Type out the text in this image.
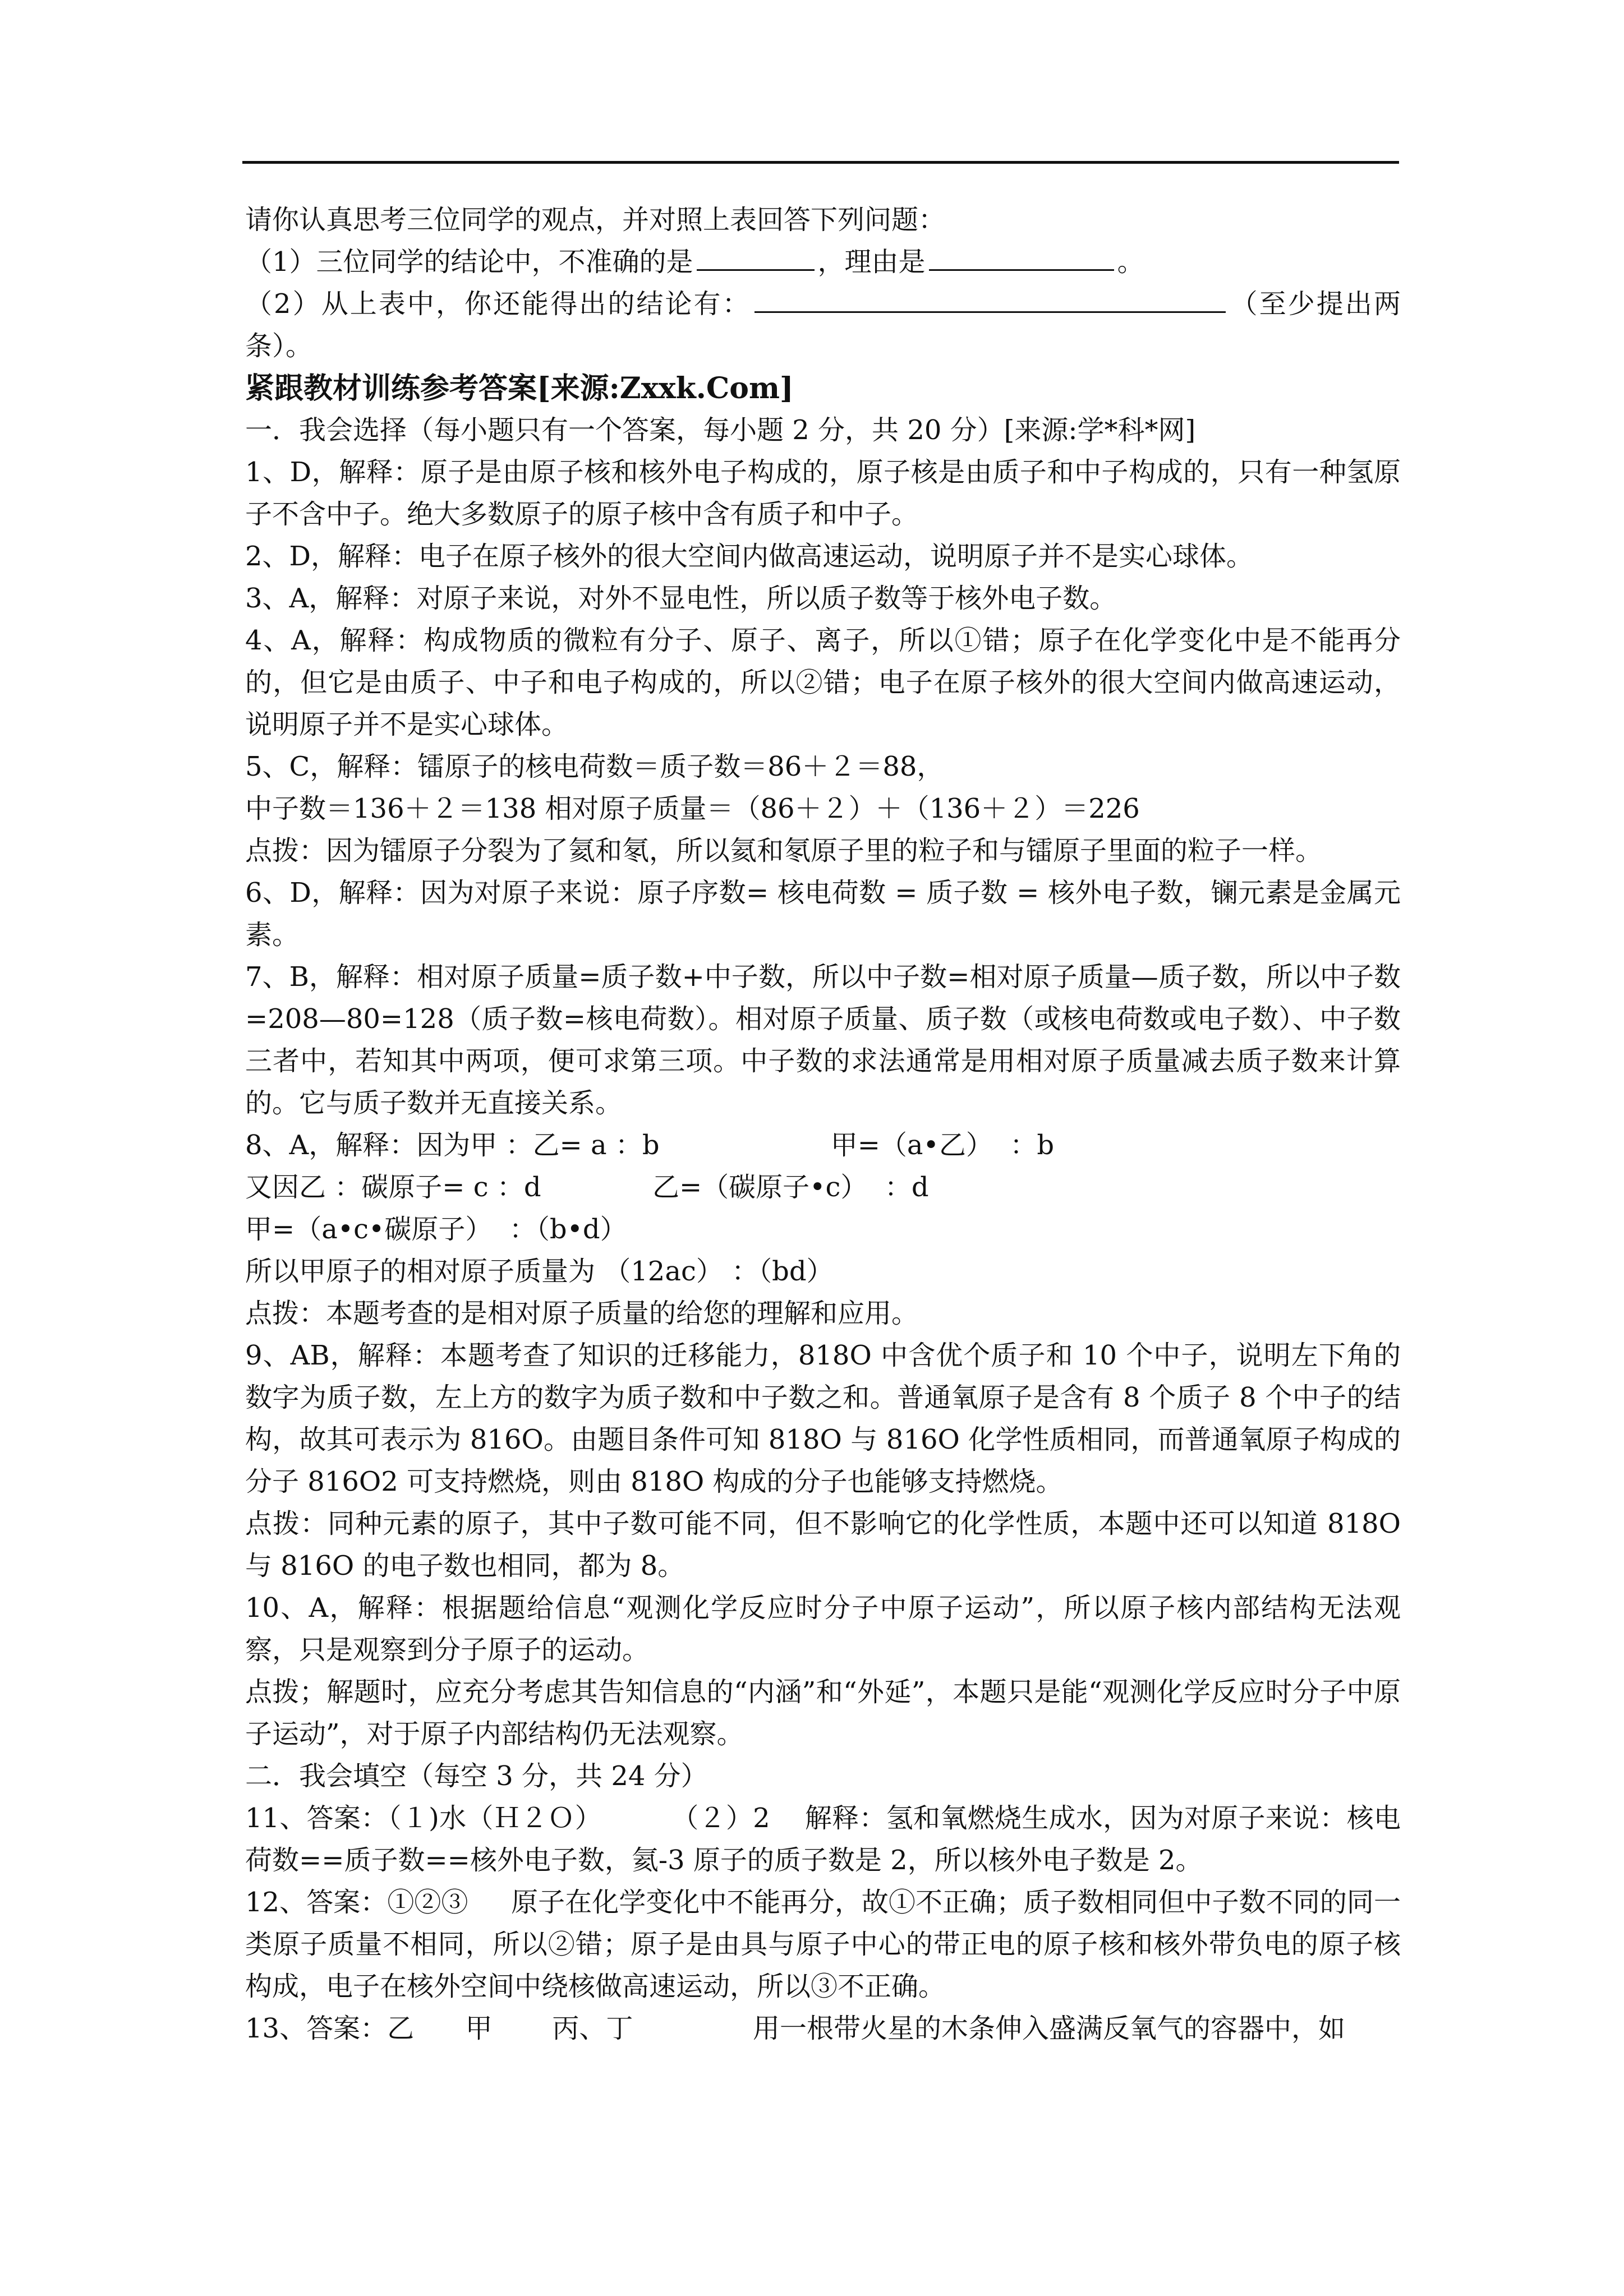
请你认真思考三位同学的观点，并对照上表回答下列问题：

（1）三位同学的结论中，不准确的是	，理由是	。

（2）从上表中，你还能得出的结论有：	（至少提出两条）。

紧跟教材训练参考答案[来源:Zxxk.Com]

一．我会选择（每小题只有一个答案，每小题 2 分，共 20 分）[来源:学*科*网]

1、D，解释：原子是由原子核和核外电子构成的，原子核是由质子和中子构成的，只有一种氢原子不含中子。绝大多数原子的原子核中含有质子和中子。

2、D，解释：电子在原子核外的很大空间内做高速运动，说明原子并不是实心球体。

3、A，解释：对原子来说，对外不显电性，所以质子数等于核外电子数。

4、A，解释：构成物质的微粒有分子、原子、离子，所以①错；原子在化学变化中是不能再分的，但它是由质子、中子和电子构成的，所以②错；电子在原子核外的很大空间内做高速运动，说明原子并不是实心球体。

5、C，解释：镭原子的核电荷数＝质子数＝86＋２＝88，

中子数＝136＋２＝138 相对原子质量＝（86＋２）＋（136＋２）＝226

点拨：因为镭原子分裂为了氦和氡，所以氦和氡原子里的粒子和与镭原子里面的粒子一样。

6、D，解释：因为对原子来说：原子序数= 核电荷数 = 质子数 = 核外电子数，镧元素是金属元素。

7、B，解释：相对原子质量=质子数+中子数，所以中子数=相对原子质量—质子数，所以中子数=208—80=128（质子数=核电荷数）。相对原子质量、质子数（或核电荷数或电子数）、中子数三者中，若知其中两项，便可求第三项。中子数的求法通常是用相对原子质量减去质子数来计算的。它与质子数并无直接关系。

8、A，解释：因为甲 ：乙= a ：b                    甲=（a•乙）  ：b

又因乙 ：碳原子= c ：d             乙=（碳原子•c）  ：d

甲=（a•c•碳原子）  ：（b•d）

所以甲原子的相对原子质量为 （12ac） ：（bd）

点拨：本题考查的是相对原子质量的给您的理解和应用。

9、AB，解释：本题考查了知识的迁移能力，818O 中含优个质子和 10 个中子，说明左下角的数字为质子数，左上方的数字为质子数和中子数之和。普通氧原子是含有 8 个质子 8 个中子的结构，故其可表示为 816O。由题目条件可知 818O 与 816O 化学性质相同，而普通氧原子构成的分子 816O2 可支持燃烧，则由 818O 构成的分子也能够支持燃烧。

点拨：同种元素的原子，其中子数可能不同，但不影响它的化学性质，本题中还可以知道 818O 与 816O 的电子数也相同，都为 8。

10、A，解释：根据题给信息“观测化学反应时分子中原子运动”，所以原子核内部结构无法观察，只是观察到分子原子的运动。

点拨；解题时，应充分考虑其告知信息的“内涵”和“外延”，本题只是能“观测化学反应时分子中原子运动”，对于原子内部结构仍无法观察。

二．我会填空（每空 3 分，共 24 分）

11、答案：（１)水（Ｈ２Ｏ）        （２）2    解释：氢和氧燃烧生成水，因为对原子来说：核电荷数==质子数==核外电子数，氦-3 原子的质子数是 2，所以核外电子数是 2。

12、答案：①②③     原子在化学变化中不能再分，故①不正确；质子数相同但中子数不同的同一类原子质量不相同，所以②错；原子是由具与原子中心的带正电的原子核和核外带负电的原子核构成，电子在核外空间中绕核做高速运动，所以③不正确。

13、答案：乙      甲       丙、丁              用一根带火星的木条伸入盛满反氧气的容器中，如
